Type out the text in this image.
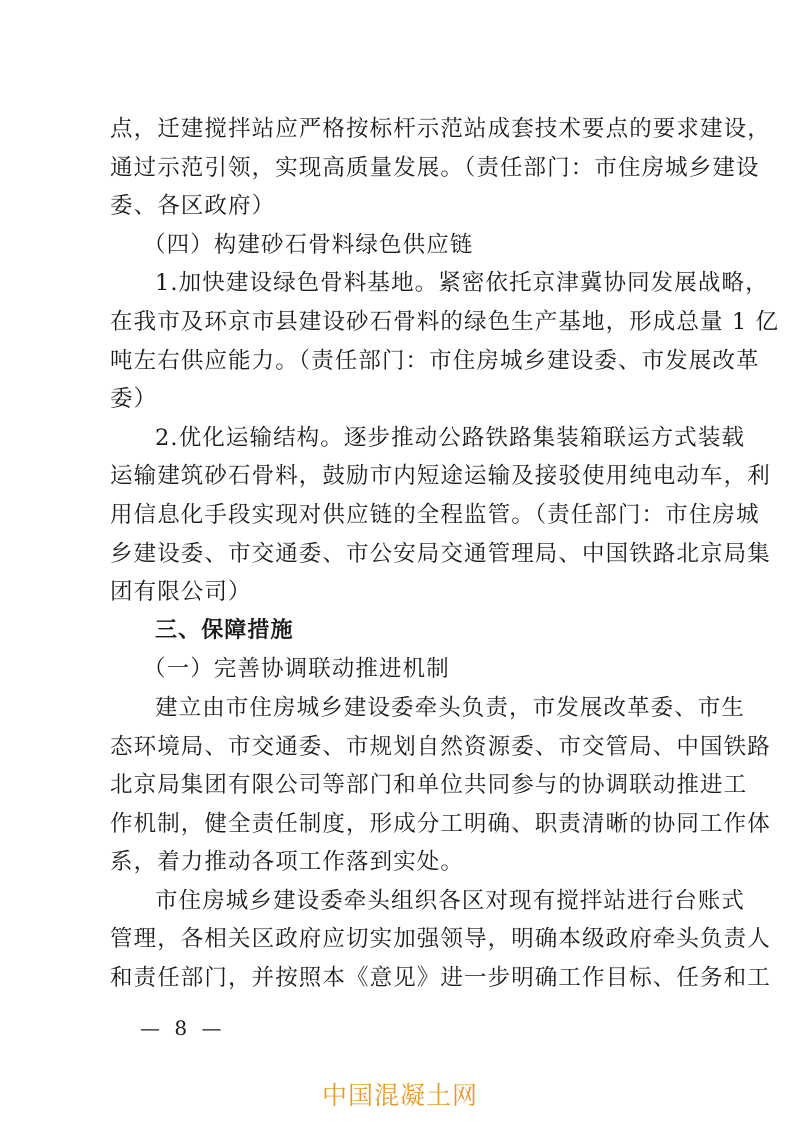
点，迁建搅拌站应严格按标杆示范站成套技术要点的要求建设，
通过示范引领，实现高质量发展。（责任部门：市住房城乡建设
委、各区政府）
（四）构建砂石骨料绿色供应链
1.加快建设绿色骨料基地。紧密依托京津冀协同发展战略，
在我市及环京市县建设砂石骨料的绿色生产基地，形成总量 1 亿
吨左右供应能力。（责任部门：市住房城乡建设委、市发展改革
委）
2.优化运输结构。逐步推动公路铁路集装箱联运方式装载
运输建筑砂石骨料，鼓励市内短途运输及接驳使用纯电动车，利
用信息化手段实现对供应链的全程监管。（责任部门：市住房城
乡建设委、市交通委、市公安局交通管理局、中国铁路北京局集
团有限公司）
三、保障措施
（一）完善协调联动推进机制
建立由市住房城乡建设委牵头负责，市发展改革委、市生
态环境局、市交通委、市规划自然资源委、市交管局、中国铁路
北京局集团有限公司等部门和单位共同参与的协调联动推进工
作机制，健全责任制度，形成分工明确、职责清晰的协同工作体
系，着力推动各项工作落到实处。
市住房城乡建设委牵头组织各区对现有搅拌站进行台账式
管理，各相关区政府应切实加强领导，明确本级政府牵头负责人
和责任部门，并按照本《意见》进一步明确工作目标、任务和工
— 8 —
中国混凝土网
